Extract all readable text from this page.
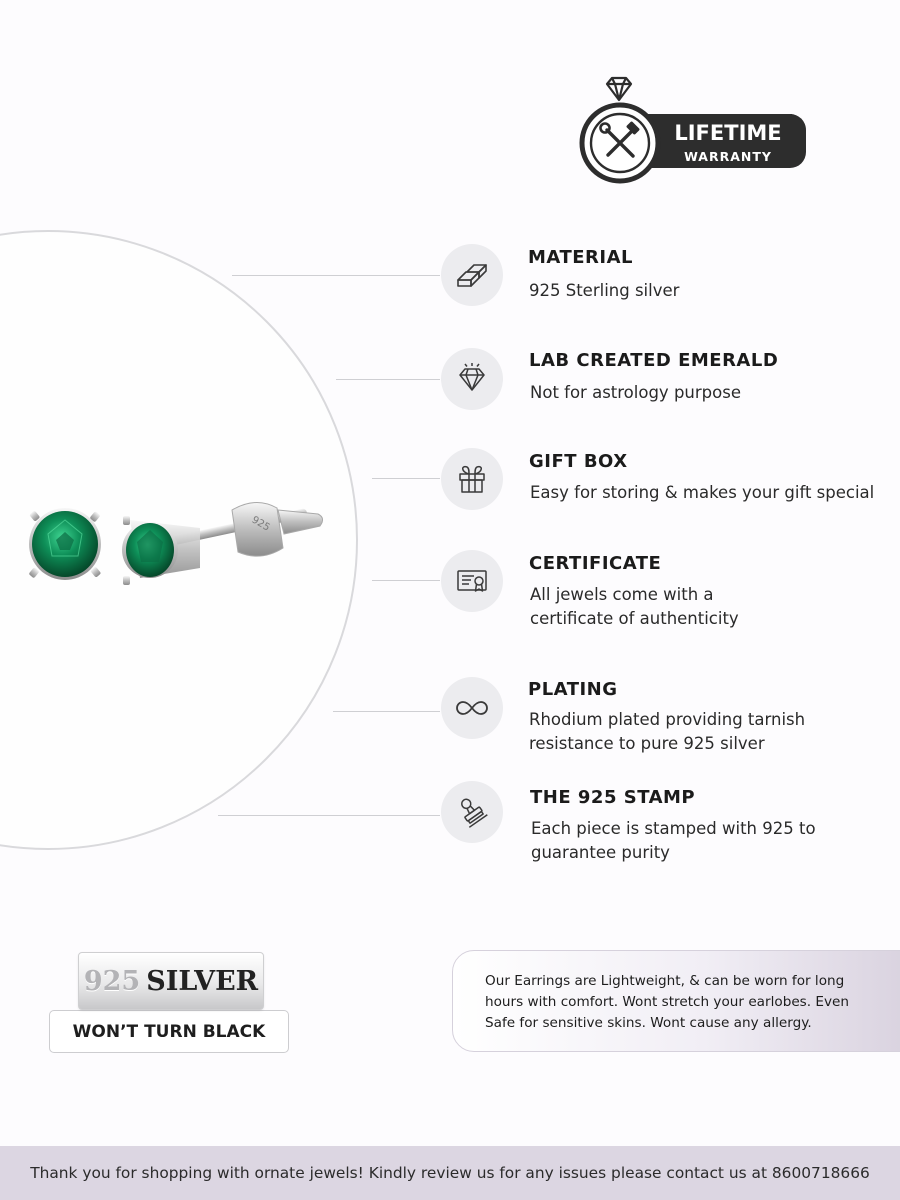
LIFETIME
WARRANTY
925
MATERIAL
925 Sterling silver
LAB CREATED EMERALD
Not for astrology purpose
GIFT BOX
Easy for storing & makes your gift special
CERTIFICATE
All jewels come with a
certificate of authenticity
PLATING
Rhodium plated providing tarnish
resistance to pure 925 silver
THE 925 STAMP
Each piece is stamped with 925 to
guarantee purity
WON’T TURN BLACK
925 SILVER	Our Earrings are Lightweight, & can be worn for long
hours with comfort. Wont stretch your earlobes. Even
Safe for sensitive skins. Wont cause any allergy.
Thank you for shopping with ornate jewels! Kindly review us for any issues please contact us at 8600718666
